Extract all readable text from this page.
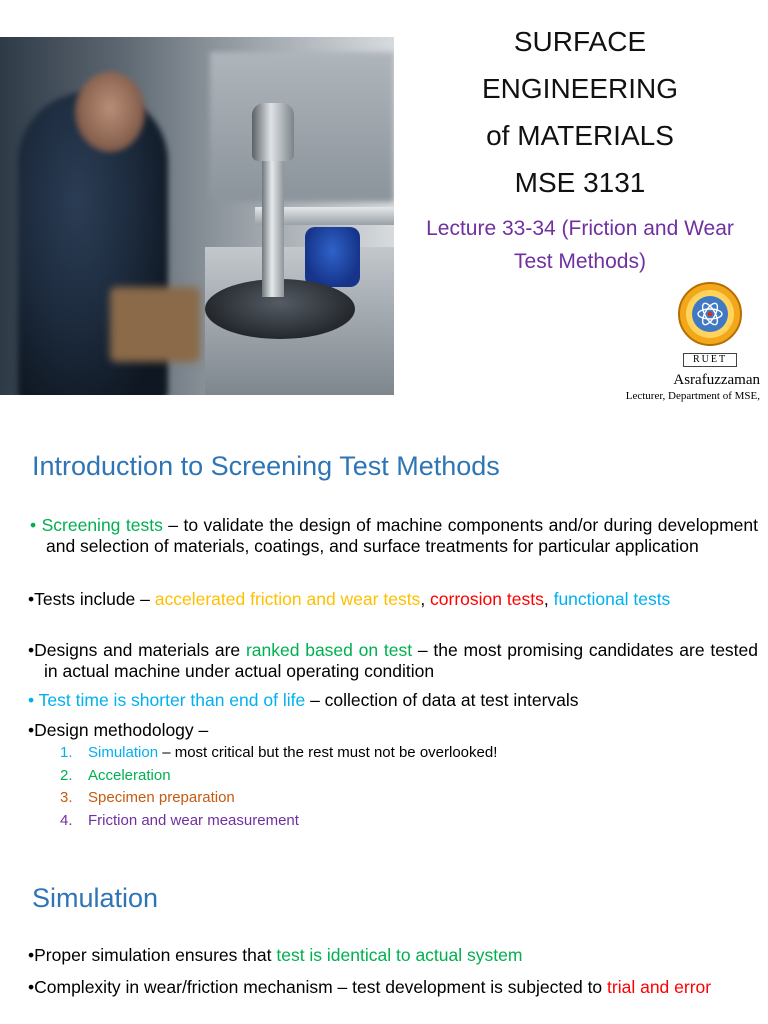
SURFACE
ENGINEERING
of MATERIALS
MSE 3131
Lecture 33-34 (Friction and Wear
Test Methods)
RUET
Asrafuzzaman
Lecturer, Department of MSE,
Introduction to Screening Test Methods
• Screening tests – to validate the design of machine components and/or during development and selection of materials, coatings, and surface treatments for particular application
•Tests include – accelerated friction and wear tests, corrosion tests, functional tests
•Designs and materials are ranked based on test – the most promising candidates are tested in actual machine under actual operating condition
• Test time is shorter than end of life – collection of data at test intervals
•Design methodology –
1. Simulation – most critical but the rest must not be overlooked!
2. Acceleration
3. Specimen preparation
4. Friction and wear measurement
Simulation
•Proper simulation ensures that test is identical to actual system
•Complexity in wear/friction mechanism – test development is subjected to trial and error
